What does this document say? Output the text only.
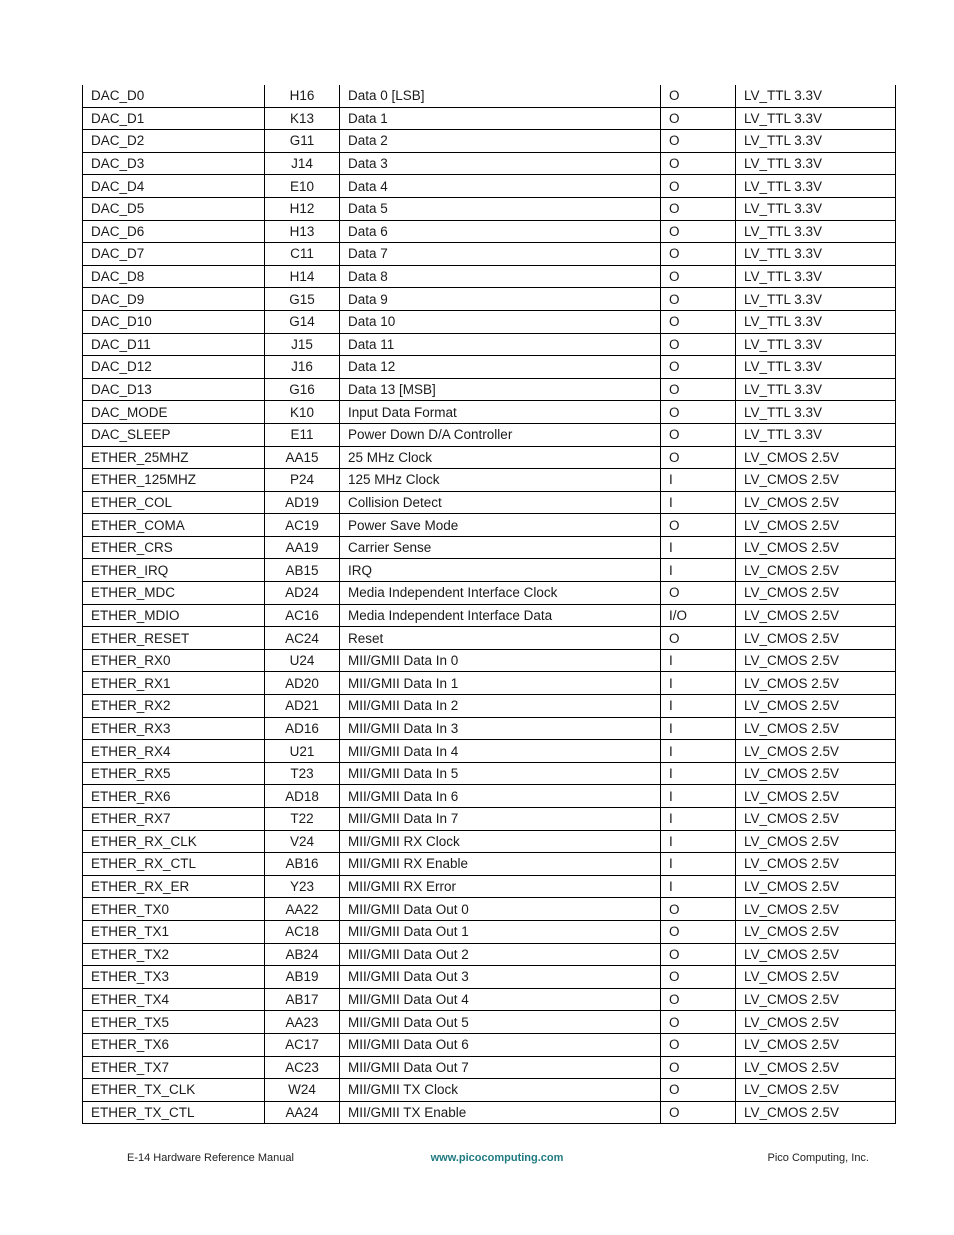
DAC_D0	H16	Data 0 [LSB]	O	LV_TTL 3.3V
DAC_D1	K13	Data 1	O	LV_TTL 3.3V
DAC_D2	G11	Data 2	O	LV_TTL 3.3V
DAC_D3	J14	Data 3	O	LV_TTL 3.3V
DAC_D4	E10	Data 4	O	LV_TTL 3.3V
DAC_D5	H12	Data 5	O	LV_TTL 3.3V
DAC_D6	H13	Data 6	O	LV_TTL 3.3V
DAC_D7	C11	Data 7	O	LV_TTL 3.3V
DAC_D8	H14	Data 8	O	LV_TTL 3.3V
DAC_D9	G15	Data 9	O	LV_TTL 3.3V
DAC_D10	G14	Data 10	O	LV_TTL 3.3V
DAC_D11	J15	Data 11	O	LV_TTL 3.3V
DAC_D12	J16	Data 12	O	LV_TTL 3.3V
DAC_D13	G16	Data 13 [MSB]	O	LV_TTL 3.3V
DAC_MODE	K10	Input Data Format	O	LV_TTL 3.3V
DAC_SLEEP	E11	Power Down D/A Controller	O	LV_TTL 3.3V
ETHER_25MHZ	AA15	25 MHz Clock	O	LV_CMOS 2.5V
ETHER_125MHZ	P24	125 MHz Clock	I	LV_CMOS 2.5V
ETHER_COL	AD19	Collision Detect	I	LV_CMOS 2.5V
ETHER_COMA	AC19	Power Save Mode	O	LV_CMOS 2.5V
ETHER_CRS	AA19	Carrier Sense	I	LV_CMOS 2.5V
ETHER_IRQ	AB15	IRQ	I	LV_CMOS 2.5V
ETHER_MDC	AD24	Media Independent Interface Clock	O	LV_CMOS 2.5V
ETHER_MDIO	AC16	Media Independent Interface Data	I/O	LV_CMOS 2.5V
ETHER_RESET	AC24	Reset	O	LV_CMOS 2.5V
ETHER_RX0	U24	MII/GMII Data In 0	I	LV_CMOS 2.5V
ETHER_RX1	AD20	MII/GMII Data In 1	I	LV_CMOS 2.5V
ETHER_RX2	AD21	MII/GMII Data In 2	I	LV_CMOS 2.5V
ETHER_RX3	AD16	MII/GMII Data In 3	I	LV_CMOS 2.5V
ETHER_RX4	U21	MII/GMII Data In 4	I	LV_CMOS 2.5V
ETHER_RX5	T23	MII/GMII Data In 5	I	LV_CMOS 2.5V
ETHER_RX6	AD18	MII/GMII Data In 6	I	LV_CMOS 2.5V
ETHER_RX7	T22	MII/GMII Data In 7	I	LV_CMOS 2.5V
ETHER_RX_CLK	V24	MII/GMII RX Clock	I	LV_CMOS 2.5V
ETHER_RX_CTL	AB16	MII/GMII RX Enable	I	LV_CMOS 2.5V
ETHER_RX_ER	Y23	MII/GMII RX Error	I	LV_CMOS 2.5V
ETHER_TX0	AA22	MII/GMII Data Out 0	O	LV_CMOS 2.5V
ETHER_TX1	AC18	MII/GMII Data Out 1	O	LV_CMOS 2.5V
ETHER_TX2	AB24	MII/GMII Data Out 2	O	LV_CMOS 2.5V
ETHER_TX3	AB19	MII/GMII Data Out 3	O	LV_CMOS 2.5V
ETHER_TX4	AB17	MII/GMII Data Out 4	O	LV_CMOS 2.5V
ETHER_TX5	AA23	MII/GMII Data Out 5	O	LV_CMOS 2.5V
ETHER_TX6	AC17	MII/GMII Data Out 6	O	LV_CMOS 2.5V
ETHER_TX7	AC23	MII/GMII Data Out 7	O	LV_CMOS 2.5V
ETHER_TX_CLK	W24	MII/GMII TX Clock	O	LV_CMOS 2.5V
ETHER_TX_CTL	AA24	MII/GMII TX Enable	O	LV_CMOS 2.5V
E-14 Hardware Reference Manual	www.picocomputing.com	Pico Computing, Inc.
